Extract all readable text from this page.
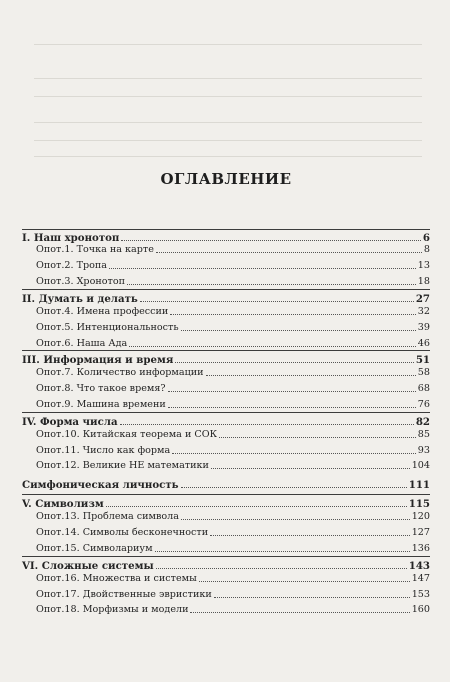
ОГЛАВЛЕНИЕ
I. Наш хронотоп	6
Опот.1. Точка на карте	8
Опот.2. Тропа	13
Опот.3. Хронотоп	18
II. Думать и делать	27
Опот.4. Имена профессии	32
Опот.5. Интенциональность	39
Опот.6. Наша Ада	46
III. Информация и время	51
Опот.7. Количество информации	58
Опот.8. Что такое время?	68
Опот.9. Машина времени	76
IV. Форма числа	82
Опот.10. Китайская теорема и СОК	85
Опот.11. Число как форма	93
Опот.12. Великие НЕ математики	104
Симфоническая личность	111
V. Символизм	115
Опот.13. Проблема символа	120
Опот.14. Символы бесконечности	127
Опот.15. Символариум	136
VI. Сложные системы	143
Опот.16. Множества и системы	147
Опот.17. Двойственные эвристики	153
Опот.18. Морфизмы и модели	160
